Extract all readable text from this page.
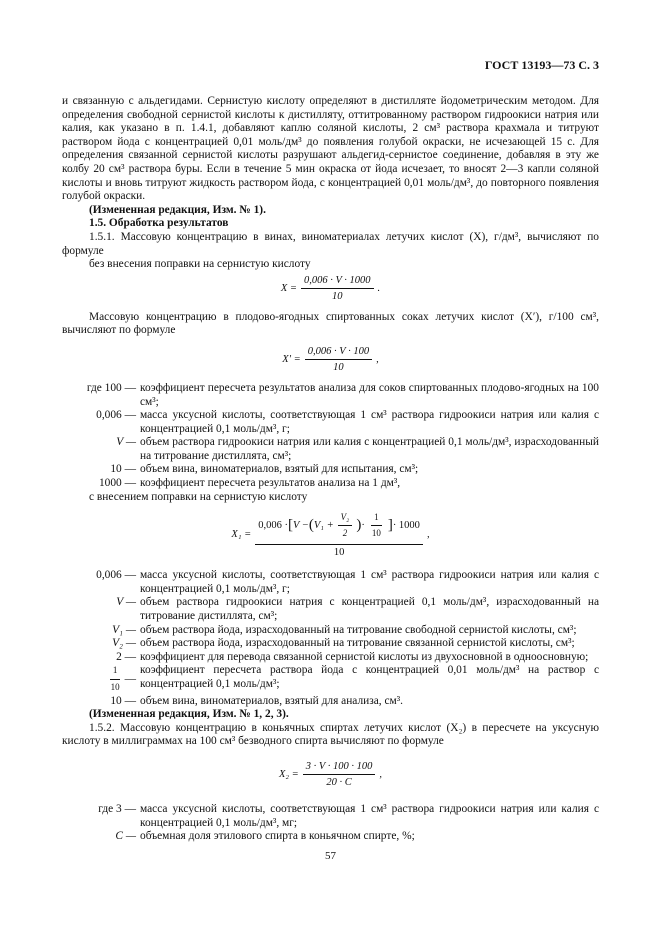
ГОСТ 13193—73 С. 3

и связанную с альдегидами. Сернистую кислоту определяют в дистилляте йодометрическим методом. Для определения свободной сернистой кислоты к дистилляту, оттитрованному раствором гидроокиси натрия или калия, как указано в п. 1.4.1, добавляют каплю соляной кислоты, 2 см³ раствора крахмала и титруют раствором йода с концентрацией 0,01 моль/дм³ до появления голубой окраски, не исчезающей 15 с. Для определения связанной сернистой кислоты разрушают альдегид-сернистое соединение, добавляя в эту же колбу 20 см³ раствора буры. Если в течение 5 мин окраска от йода исчезает, то вносят 2—3 капли соляной кислоты и вновь титруют жидкость раствором йода, с концентрацией 0,01 моль/дм³, до повторного появления голубой окраски.

(Измененная редакция, Изм. № 1).

1.5. Обработка результатов

1.5.1. Массовую концентрацию в винах, виноматериалах летучих кислот (X), г/дм³, вычисляют по формуле

без внесения поправки на сернистую кислоту

$X = \frac{0,006 \cdot V \cdot 1000}{10}$ .

Массовую концентрацию в плодово-ягодных спиртованных соках летучих кислот (X′), г/100 см³, вычисляют по формуле

$X' = \frac{0,006 \cdot V \cdot 100}{10}$ ,
где 100 — коэффициент пересчета результатов анализа для соков спиртованных плодово-ягодных на 100 см³;
0,006 — масса уксусной кислоты, соответствующая 1 см³ раствора гидроокиси натрия или калия с концентрацией 0,1 моль/дм³, г;
V — объем раствора гидроокиси натрия или калия с концентрацией 0,1 моль/дм³, израсходованный на титрование дистиллята, см³;
10 — объем вина, виноматериалов, взятый для испытания, см³;
1000 — коэффициент пересчета результатов анализа на 1 дм³,

с внесением поправки на сернистую кислоту

X₁ =
0,006 · [ V − ( $V_1 + \frac{\text{V₂}}{2}$ ) · $\frac{1}{10}$ ] · 1000
10
,
0,006 — масса уксусной кислоты, соответствующая 1 см³ раствора гидроокиси натрия или калия с концентрацией 0,1 моль/дм³, г;
V — объем раствора гидроокиси натрия с концентрацией 0,1 моль/дм³, израсходованный на титрование дистиллята, см³;
V₁ — объем раствора йода, израсходованный на титрование свободной сернистой кислоты, см³;
V₂ — объем раствора йода, израсходованный на титрование связанной сернистой кислоты, см³;
2 — коэффициент для перевода связанной сернистой кислоты из двухосновной в одноосновную;
$\frac{1}{10}$ —
коэффициент пересчета раствора йода с концентрацией 0,01 моль/дм³ на раствор с концентрацией 0,1 моль/дм³;
10 — объем вина, виноматериалов, взятый для анализа, см³.

(Измененная редакция, Изм. № 1, 2, 3).

1.5.2. Массовую концентрацию в коньячных спиртах летучих кислот (X₂) в пересчете на уксусную кислоту в миллиграммах на 100 см³ безводного спирта вычисляют по формуле

$X_2 = \frac{3 \cdot V \cdot 100 \cdot 100}{20 \cdot C}$ ,
где 3 — масса уксусной кислоты, соответствующая 1 см³ раствора гидроокиси натрия или калия с концентрацией 0,1 моль/дм³, мг;
C — объемная доля этилового спирта в коньячном спирте, %;
57
